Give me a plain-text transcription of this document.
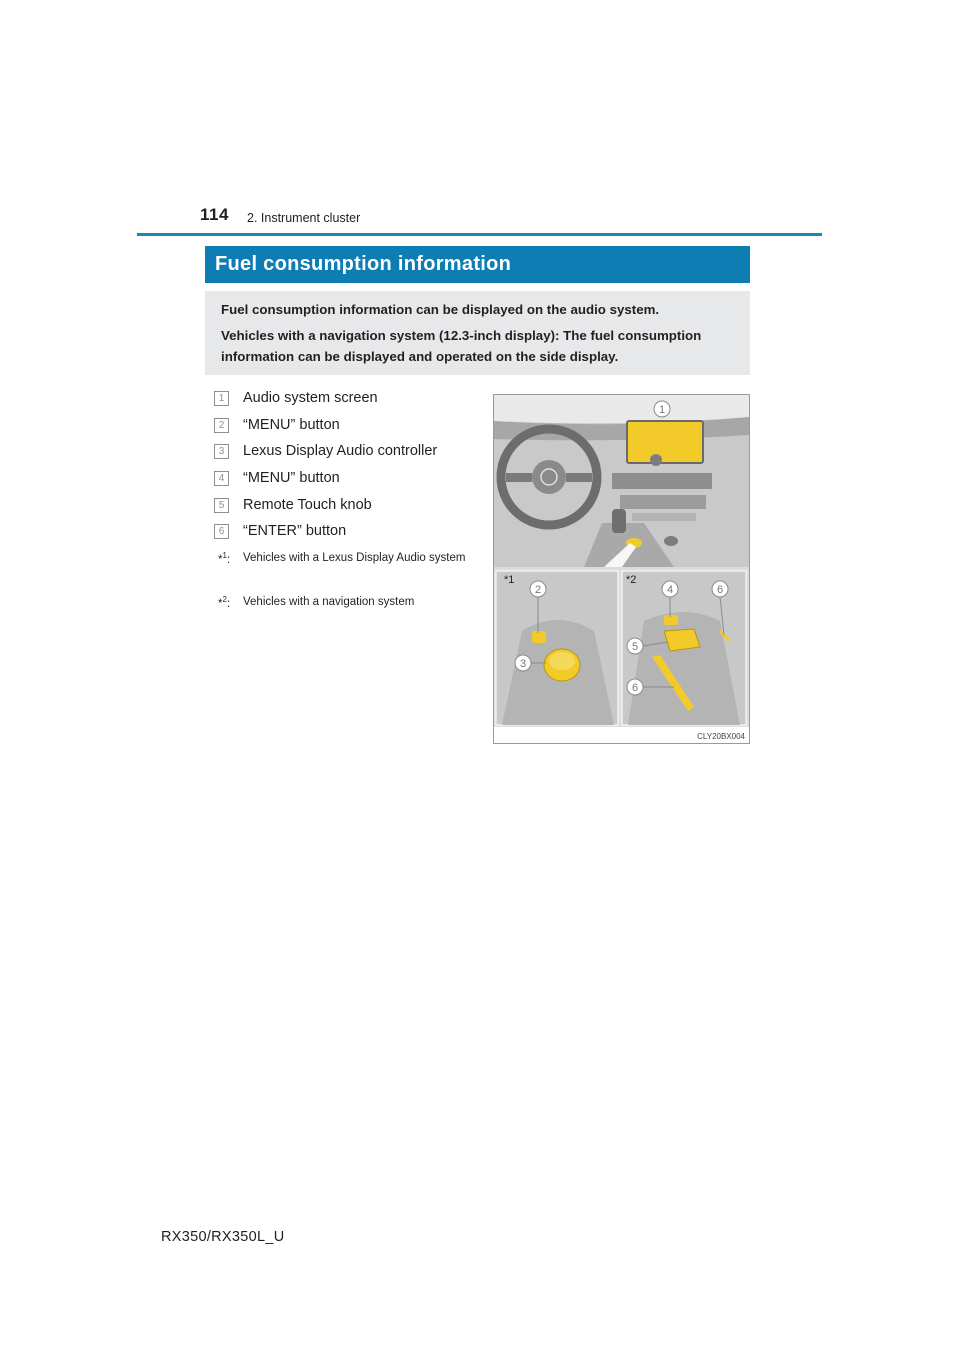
114 2. Instrument cluster
Fuel consumption information

Fuel consumption information can be displayed on the audio system.

Vehicles with a navigation system (12.3-inch display): The fuel consumption information can be displayed and operated on the side display.

1	Audio system screen
2	“MENU” button
3	Lexus Display Audio controller
4	“MENU” button
5	Remote Touch knob
6	“ENTER” button
*$^1$:	Vehicles with a Lexus Display Audio system
*$^2$:	Vehicles with a navigation system
1
*1
2
3
*2
4	6
5
6
CLY20BX004
RX350/RX350L_U
